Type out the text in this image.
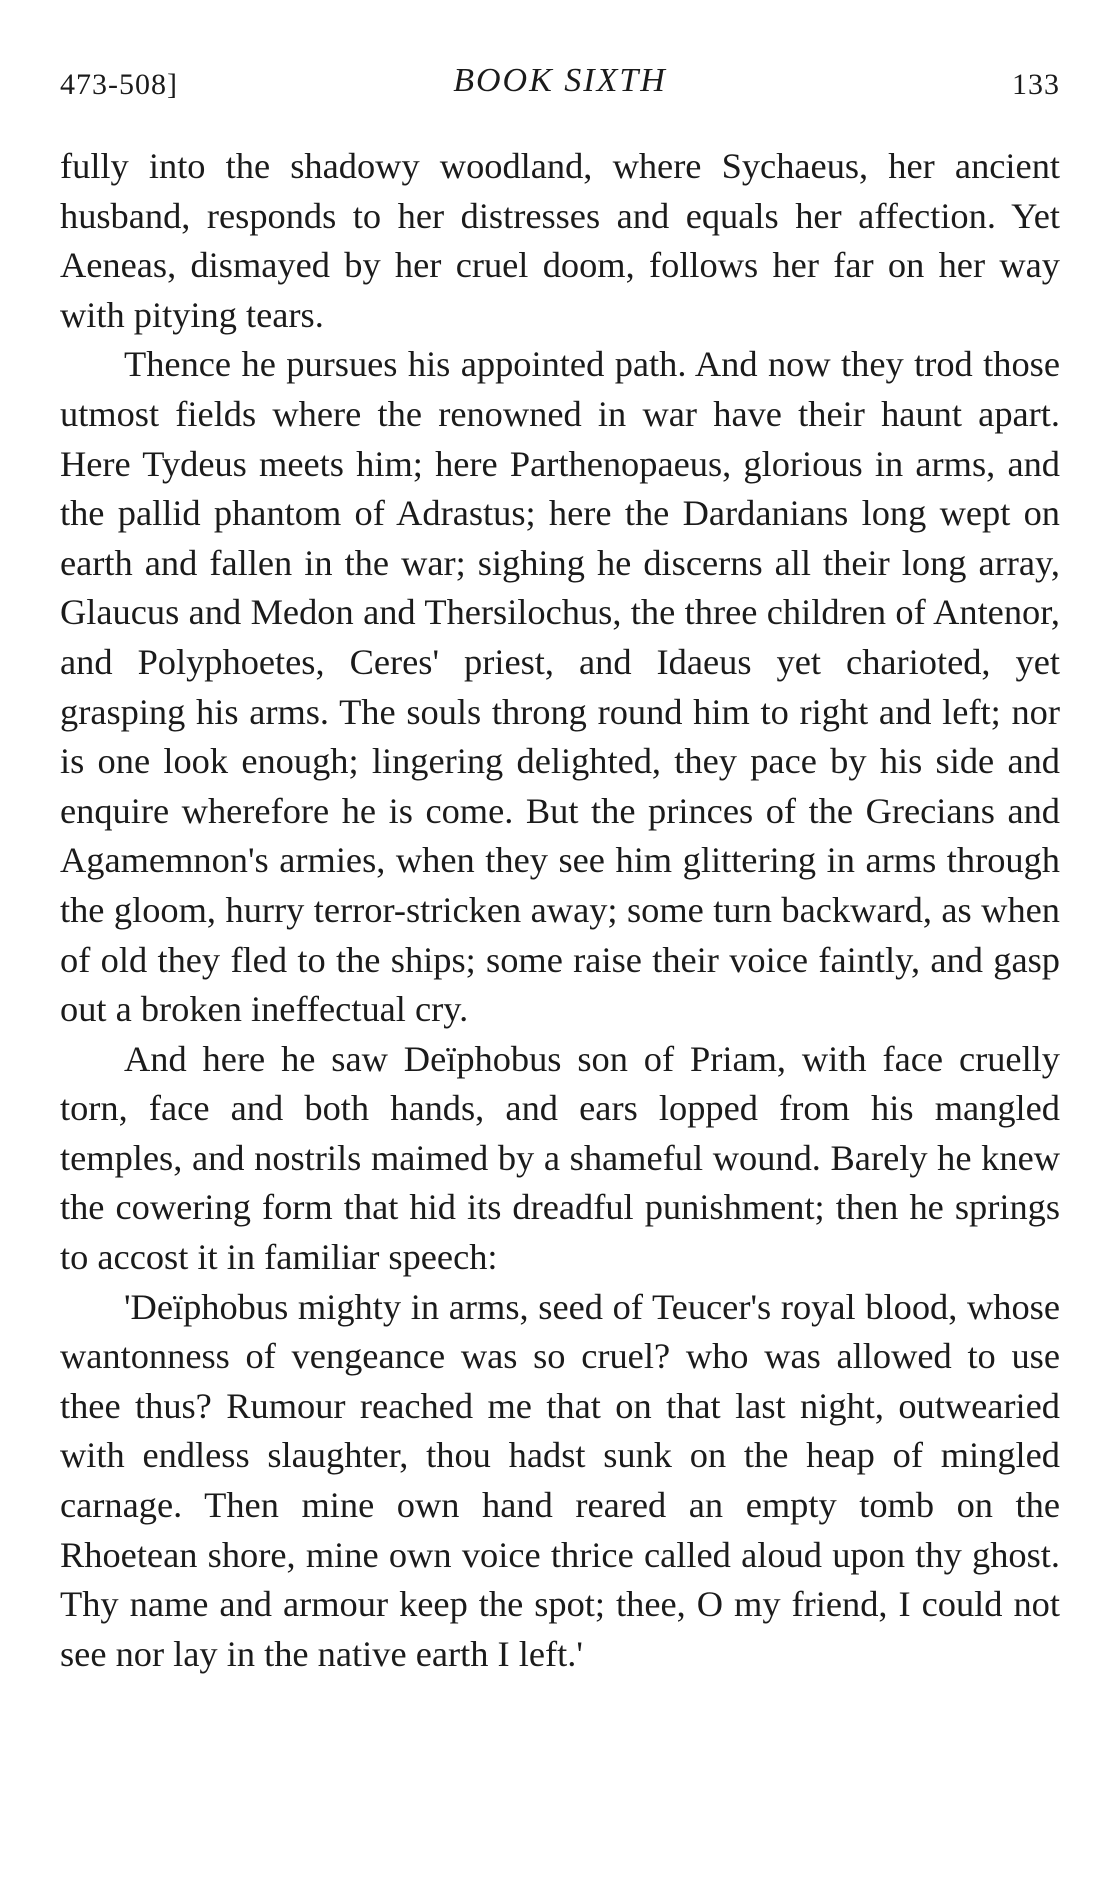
473-508]	BOOK SIXTH	133

fully into the shadowy woodland, where Sychaeus, her ancient husband, responds to her distresses and equals her affection. Yet Aeneas, dismayed by her cruel doom, follows her far on her way with pitying tears.

Thence he pursues his appointed path. And now they trod those utmost fields where the renowned in war have their haunt apart. Here Tydeus meets him; here Parthenopaeus, glorious in arms, and the pallid phantom of Adrastus; here the Dardanians long wept on earth and fallen in the war; sighing he discerns all their long array, Glaucus and Medon and Thersilochus, the three children of Antenor, and Polyphoetes, Ceres' priest, and Idaeus yet charioted, yet grasping his arms. The souls throng round him to right and left; nor is one look enough; lingering delighted, they pace by his side and enquire wherefore he is come. But the princes of the Grecians and Agamemnon's armies, when they see him glittering in arms through the gloom, hurry terror-stricken away; some turn backward, as when of old they fled to the ships; some raise their voice faintly, and gasp out a broken ineffectual cry.

And here he saw Deïphobus son of Priam, with face cruelly torn, face and both hands, and ears lopped from his mangled temples, and nostrils maimed by a shameful wound. Barely he knew the cowering form that hid its dreadful punishment; then he springs to accost it in familiar speech:

'Deïphobus mighty in arms, seed of Teucer's royal blood, whose wantonness of vengeance was so cruel? who was allowed to use thee thus? Rumour reached me that on that last night, outwearied with endless slaughter, thou hadst sunk on the heap of mingled carnage. Then mine own hand reared an empty tomb on the Rhoetean shore, mine own voice thrice called aloud upon thy ghost. Thy name and armour keep the spot; thee, O my friend, I could not see nor lay in the native earth I left.'
